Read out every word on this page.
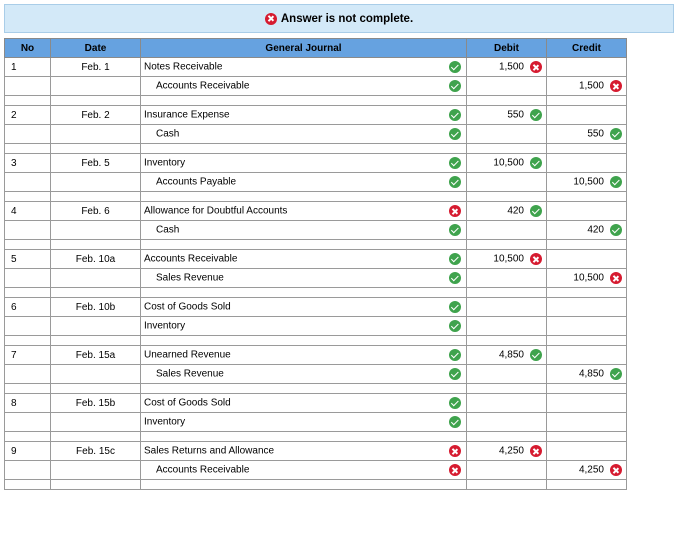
Answer is not complete.
No	Date	General Journal	Debit	Credit
1	Feb. 1	Notes Receivable	1,500	

		Accounts Receivable		1,500

2	Feb. 2	Insurance Expense	550	

		Cash		550

3	Feb. 5	Inventory	10,500	

		Accounts Payable		10,500

4	Feb. 6	Allowance for Doubtful Accounts	420	

		Cash		420

5	Feb. 10a	Accounts Receivable	10,500	

		Sales Revenue		10,500

6	Feb. 10b	Cost of Goods Sold		

		Inventory		

7	Feb. 15a	Unearned Revenue	4,850	

		Sales Revenue		4,850

8	Feb. 15b	Cost of Goods Sold		

		Inventory		

9	Feb. 15c	Sales Returns and Allowance	4,250	

		Accounts Receivable		4,250
